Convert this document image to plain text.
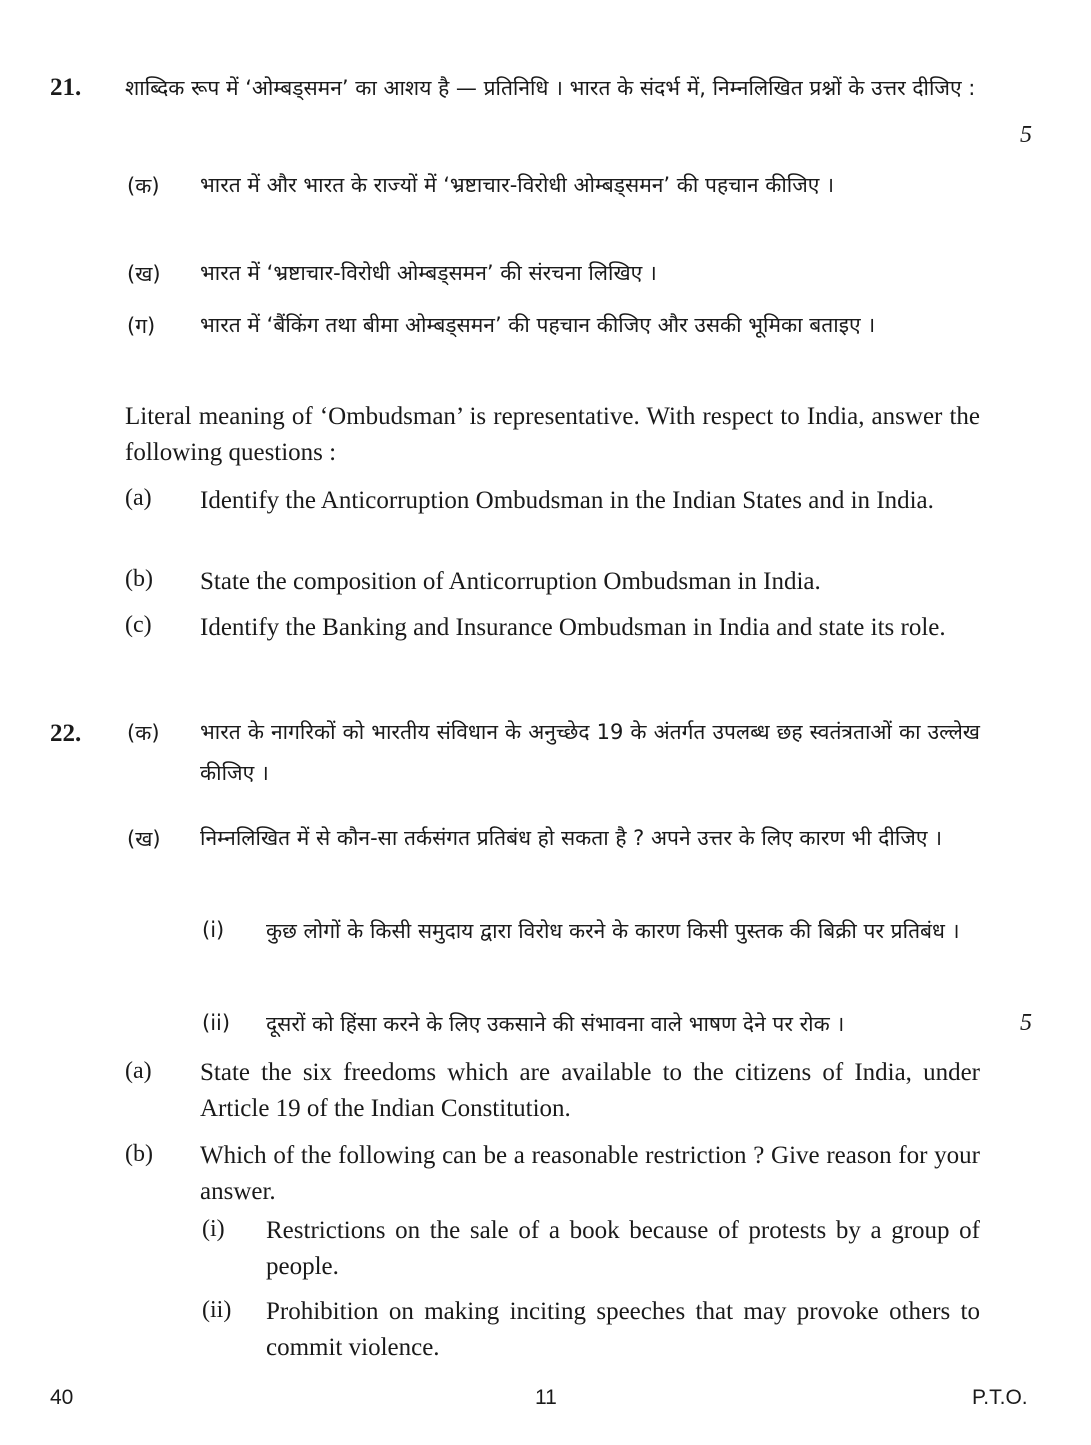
21. शाब्दिक रूप में ‘ओम्बड्समन’ का आशय है — प्रतिनिधि । भारत के संदर्भ में, निम्नलिखित प्रश्नों के उत्तर दीजिए :
5
(क) भारत में और भारत के राज्यों में ‘भ्रष्टाचार-विरोधी ओम्बड्समन’ की पहचान कीजिए ।
(ख) भारत में ‘भ्रष्टाचार-विरोधी ओम्बड्समन’ की संरचना लिखिए ।
(ग) भारत में ‘बैंकिंग तथा बीमा ओम्बड्समन’ की पहचान कीजिए और उसकी भूमिका बताइए ।
Literal meaning of ‘Ombudsman’ is representative. With respect to India, answer the following questions :
(a) Identify the Anticorruption Ombudsman in the Indian States and in India.
(b) State the composition of Anticorruption Ombudsman in India.
(c) Identify the Banking and Insurance Ombudsman in India and state its role.
22. (क) भारत के नागरिकों को भारतीय संविधान के अनुच्छेद 19 के अंतर्गत उपलब्ध छह स्वतंत्रताओं का उल्लेख कीजिए ।
(ख) निम्नलिखित में से कौन-सा तर्कसंगत प्रतिबंध हो सकता है ? अपने उत्तर के लिए कारण भी दीजिए ।
(i) कुछ लोगों के किसी समुदाय द्वारा विरोध करने के कारण किसी पुस्तक की बिक्री पर प्रतिबंध ।
(ii) दूसरों को हिंसा करने के लिए उकसाने की संभावना वाले भाषण देने पर रोक ।	5
(a) State the six freedoms which are available to the citizens of India, under Article 19 of the Indian Constitution.
(b) Which of the following can be a reasonable restriction ? Give reason for your answer.
(i) Restrictions on the sale of a book because of protests by a group of people.
(ii) Prohibition on making inciting speeches that may provoke others to commit violence.
40	11	P.T.O.
